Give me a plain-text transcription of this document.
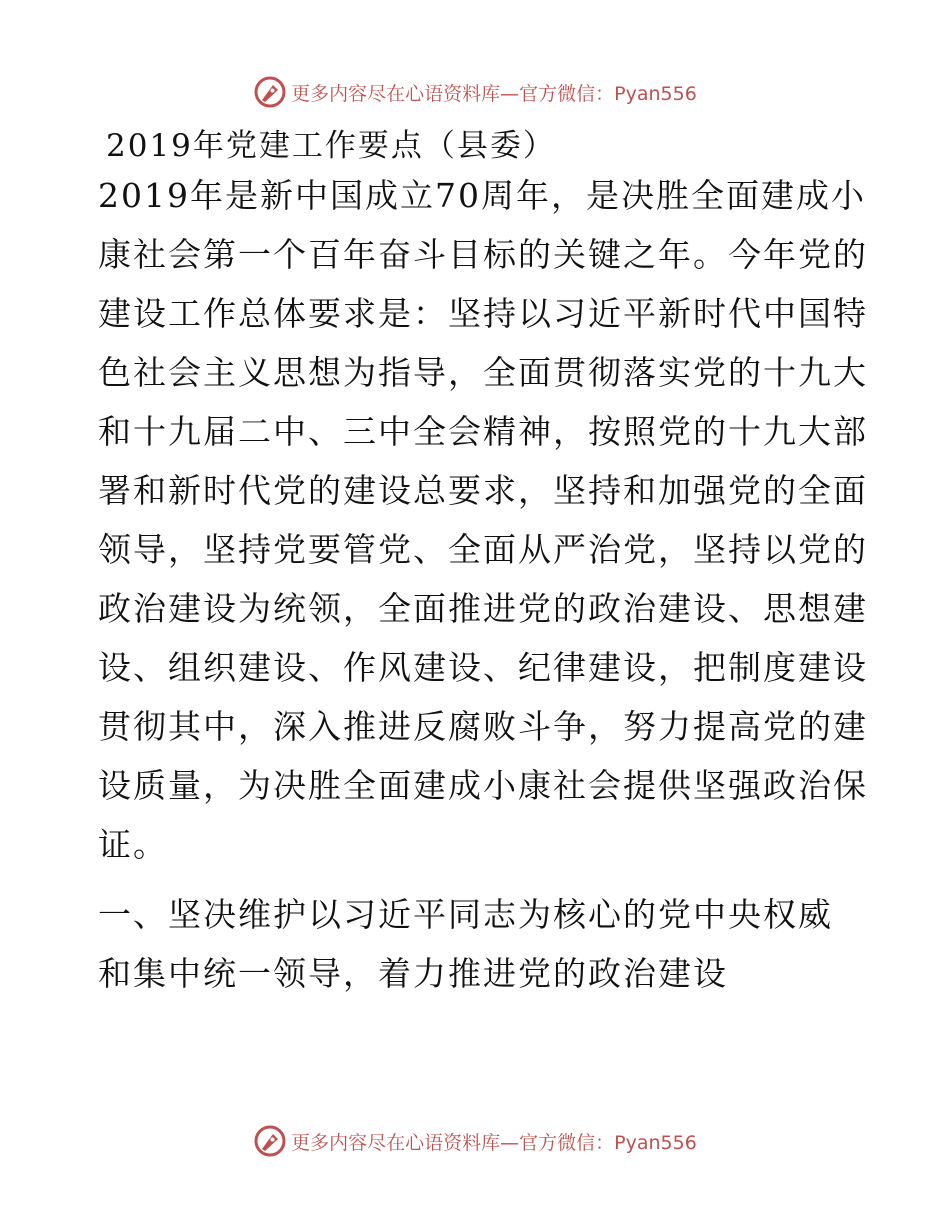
更多内容尽在心语资料库—官方微信：Pyan556
2019年党建工作要点（县委）
2019年是新中国成立70周年，是决胜全面建成小
康社会第一个百年奋斗目标的关键之年。今年党的
建设工作总体要求是：坚持以习近平新时代中国特
色社会主义思想为指导，全面贯彻落实党的十九大
和十九届二中、三中全会精神，按照党的十九大部
署和新时代党的建设总要求，坚持和加强党的全面
领导，坚持党要管党、全面从严治党，坚持以党的
政治建设为统领，全面推进党的政治建设、思想建
设、组织建设、作风建设、纪律建设，把制度建设
贯彻其中，深入推进反腐败斗争，努力提高党的建
设质量，为决胜全面建成小康社会提供坚强政治保
证。
一、坚决维护以习近平同志为核心的党中央权威
和集中统一领导，着力推进党的政治建设
更多内容尽在心语资料库—官方微信：Pyan556
